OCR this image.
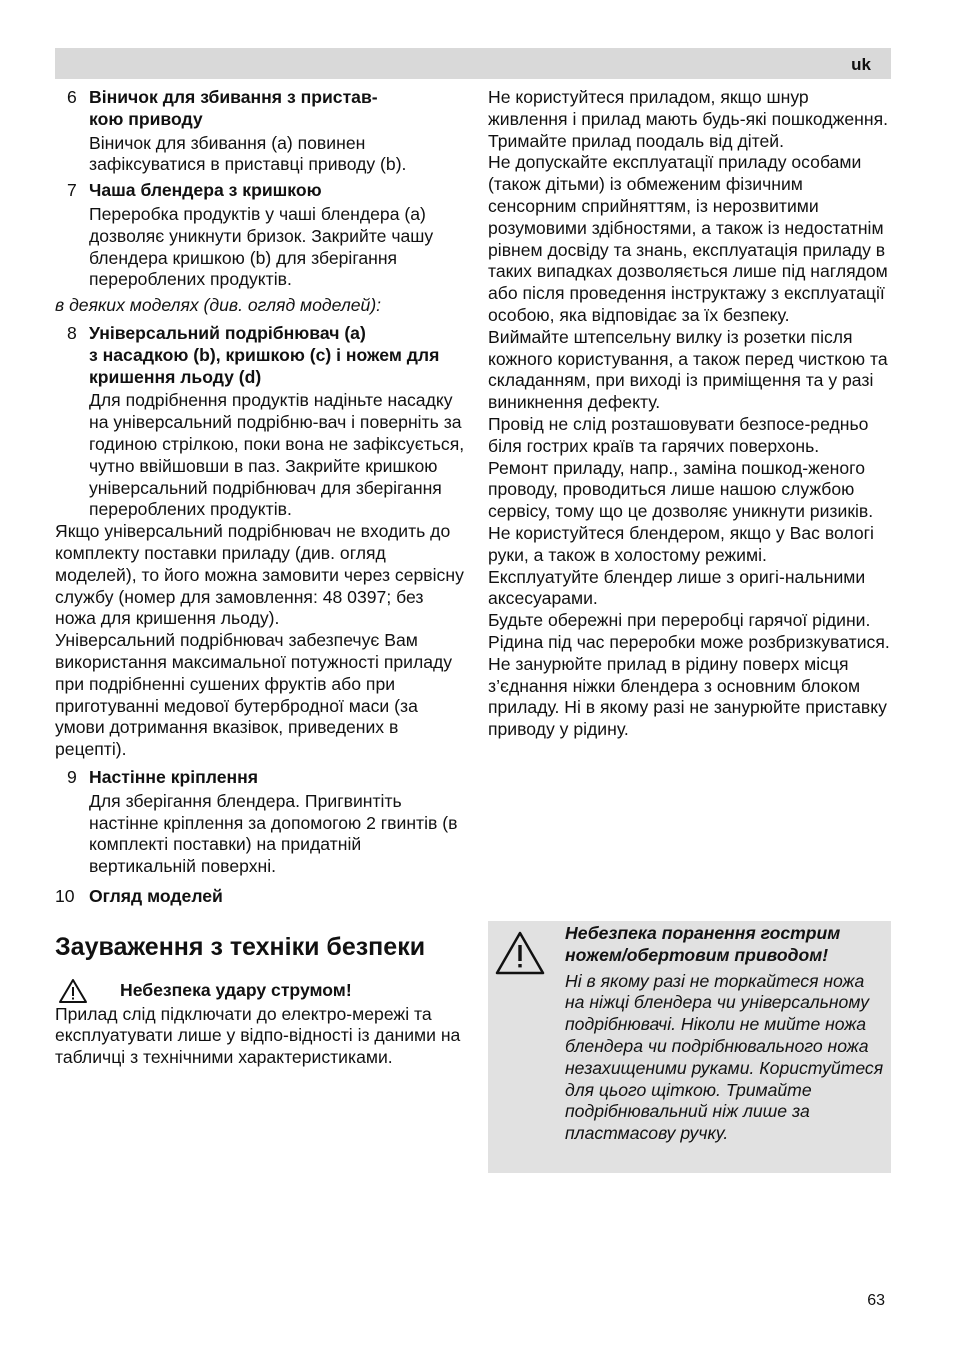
uk
6 Віничок для збивання з пристав-
кою приводу
Віничок для збивання (a) повинен зафіксуватися в приставці приводу (b).
7 Чаша блендера з кришкою
Переробка продуктів у чаші блендера (a) дозволяє уникнути бризок. Закрийте чашу блендера кришкою (b) для зберігання перероблених продуктів.

в деяких моделях (див. огляд моделей):

8 Універсальний подрібнювач (a)
з насадкою (b), кришкою (c) і ножем для кришення льоду (d)
Для подрібнення продуктів надіньте насадку на універсальний подрібню-вач і поверніть за годиною стрілкою, поки вона не зафіксується, чутно ввійшовши в паз. Закрийте кришкою універсальний подрібнювач для зберігання перероблених продуктів.

Якщо універсальний подрібнювач не входить до комплекту поставки приладу (див. огляд моделей), то його можна замовити через сервісну службу (номер для замовлення: 48 0397; без ножа для кришення льоду).

Універсальний подрібнювач забезпечує Вам використання максимальної потужності приладу при подрібненні сушених фруктів або при приготуванні медової бутербродної маси (за умови дотримання вказівок, приведених в рецепті).

9 Настінне кріплення
Для зберігання блендера. Пригвинтіть настінне кріплення за допомогою 2 гвинтів (в комплекті поставки) на придатній вертикальній поверхні.
10 Огляд моделей
Зауваження з техніки безпеки
Небезпека удару струмом!

Прилад слід підключати до електро-мережі та експлуатувати лише у відпо-відності із даними на табличці з технічними характеристиками.

Не користуйтеся приладом, якщо шнур живлення і прилад мають будь-які пошкодження.

Тримайте прилад поодаль від дітей.

Не допускайте експлуатації приладу особами (також дітьми) із обмеженим фізичним сенсорним сприйняттям, із нерозвитими розумовими здібностями, а також із недостатнім рівнем досвіду та знань, експлуатація приладу в таких випадках дозволяється лише під наглядом або після проведення інструктажу з експлуатації особою, яка відповідає за їх безпеку.

Виймайте штепсельну вилку із розетки після кожного користування, а також перед чисткою та складанням, при виході із приміщення та у разі виникнення дефекту.

Провід не слід розташовувати безпосе-редньо біля гострих країв та гарячих поверхонь.

Ремонт приладу, напр., заміна пошкод-женого проводу, проводиться лише нашою службою сервісу, тому що це дозволяє уникнути ризиків.

Не користуйтеся блендером, якщо у Вас вологі руки, а також в холостому режимі.

Експлуатуйте блендер лише з оригі-нальними аксесуарами.

Будьте обережні при переробці гарячої рідини. Рідина під час переробки може розбризкуватися. Не занурюйте прилад в рідину поверх місця з’єднання ніжки блендера з основним блоком приладу. Ні в якому разі не занурюйте приставку приводу у рідину.

Небезпека поранення гострим ножем/обертовим приводом!
Ні в якому разі не торкайтеся ножа на ніжці блендера чи універсальному подрібнювачі. Ніколи не мийте ножа блендера чи подрібнювального ножа незахищеними руками. Користуйтеся для цього щіткою. Тримайте подрібнювальний ніж лише за пластмасову ручку.
63
